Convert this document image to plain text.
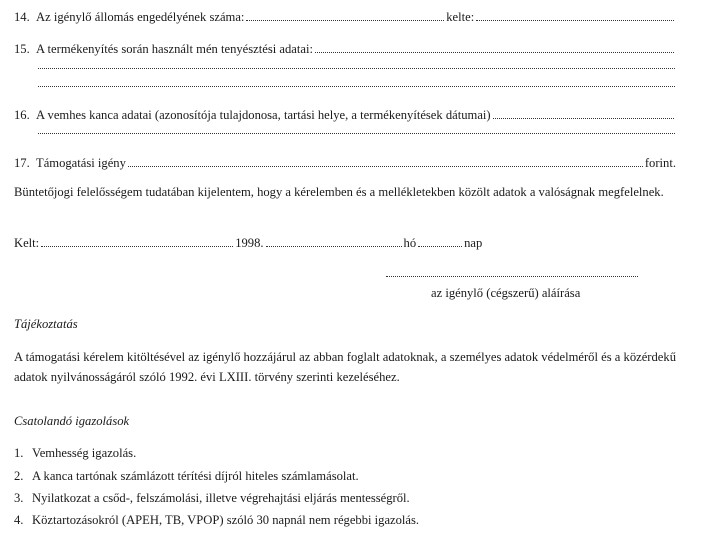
14. Az igénylő állomás engedélyének száma:	kelte:
15. A termékenyítés során használt mén tenyésztési adatai:
16. A vemhes kanca adatai (azonosítója tulajdonosa, tartási helye, a termékenyítések dátumai)
17. Támogatási igény	forint.
Büntetőjogi felelősségem tudatában kijelentem, hogy a kérelemben és a mellékletekben közölt adatok a valóságnak megfelelnek.
Kelt:	1998.	hó	nap
az igénylő (cégszerű) aláírása
Tájékoztatás
A támogatási kérelem kitöltésével az igénylő hozzájárul az abban foglalt adatoknak, a személyes adatok védelméről és a közérdekű adatok nyilvánosságáról szóló 1992. évi LXIII. törvény szerinti kezeléséhez.
Csatolandó igazolások
1. Vemhesség igazolás.
2. A kanca tartónak számlázott térítési díjról hiteles számlamásolat.
3. Nyilatkozat a csőd-, felszámolási, illetve végrehajtási eljárás mentességről.
4. Köztartozásokról (APEH, TB, VPOP) szóló 30 napnál nem régebbi igazolás.
